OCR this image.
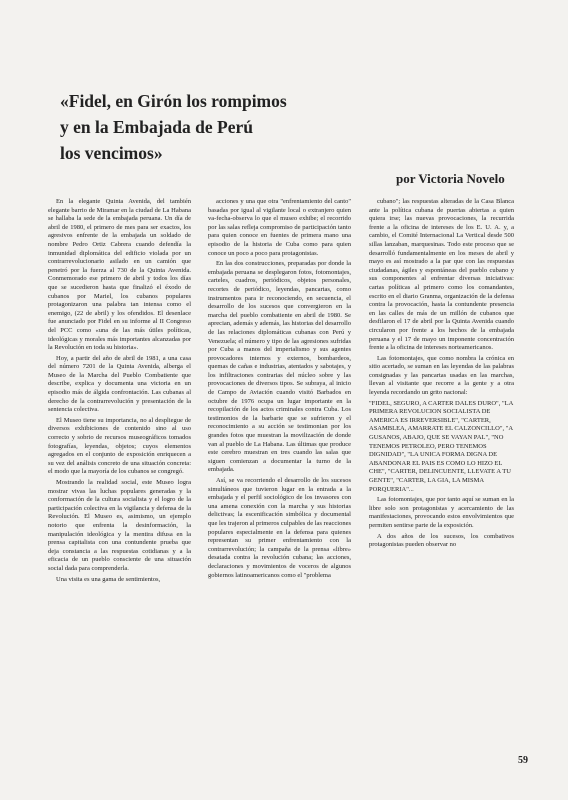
«Fidel, en Girón los rompimos
y en la Embajada de Perú
los vencimos»
por Victoria Novelo

En la elegante Quinta Avenida, del también elegante barrio de Miramar en la ciudad de La Habana se hallaba la sede de la embajada peruana. Un día de abril de 1980, el primero de mes para ser exactos, los agresivos enfrente de la embajada un soldado de nombre Pedro Ortiz Cabrera cuando defendía la inmunidad diplomática del edificio violada por un contrarrevolucionario asilado en un camión que penetró por la fuerza al 730 de la Quinta Avenida. Conmemorado ese primero de abril y todos los días que se sucedieron hasta que finalizó el éxodo de cubanos por Mariel, los cubanos populares protagonizaron una palabra tan intensa como el enemigo, (22 de abril) y los ofendidos. El desenlace fue anunciado por Fidel en su informe al II Congreso del PCC como «una de las más útiles políticas, ideológicas y morales más importantes alcanzadas por la Revolución en toda su historia».

Hoy, a partir del año de abril de 1981, a una casa del número 7201 de la Quinta Avenida, alberga el Museo de la Marcha del Pueblo Combatiente que describe, explica y documenta una victoria en un episodio más de álgida confrontación. Las cubanas al derecho de la contrarrevolución y presentación de la sentencia colectiva.

El Museo tiene su importancia, no al despliegue de diversos exhibiciones de contenido sino al uso correcto y sobrio de recursos museográficos tomados fotografías, leyendas, objetos; cuyos elementos agregados en el conjunto de exposición enriquecen a su vez del análisis concreto de una situación concreta: el modo que la mayoría de los cubanos se congregó.

Mostrando la realidad social, este Museo logra mostrar vivas las luchas populares generadas y la conformación de la cultura socialista y el logro de la participación colectiva en la vigilancia y defensa de la Revolución. El Museo es, asimismo, un ejemplo notorio que enfrenta la desinformación, la manipulación ideológica y la mentira difusa en la prensa capitalista con una contundente prueba que deja constancia a las respuestas cotidianas y a la eficacia de un pueblo consciente de una situación social dada para comprenderla.

Una visita es una gama de sentimientos,

acciones y una que otra "enfrentamiento del canto" basadas por igual al vigilante local o extranjero quien va-fecha-observa lo que el museo exhibe; el recorrido por las salas refleja compromiso de participación tanto para quien conoce en fuentes de primera mano una episodio de la historia de Cuba como para quien conoce un poco a poco para protagonistas.

En las dos construcciones, preparadas por donde la embajada peruana se desplegaron fotos, fotomontajes, carteles, cuadros, periódicos, objetos personales, recortes de periódico, leyendas, pancartas, como instrumentos para ir reconociendo, en secuencia, el desarrollo de los sucesos que convergieron en la marcha del pueblo combatiente en abril de 1980. Se aprecian, además y además, las historias del desarrollo de las relaciones diplomáticas cubanas con Perú y Venezuela; el número y tipo de las agresiones sufridas por Cuba a manos del imperialismo y sus agentes provocadores internos y externos, bombardeos, quemas de cañas e industrias, atentados y sabotajes, y los infiltraciones contrarias del núcleo sobre y las provocaciones de diversos tipos. Se subraya, al inicio de Campo de Aviación cuando visitó Barbados en octubre de 1976 ocupa un lugar importante en la recopilación de los actos criminales contra Cuba. Los testimonios de la barbarie que se sufrieron y el reconocimiento a su acción se testimonian por los grandes fotos que muestran la movilización de donde van al pueblo de La Habana. Las últimas que produce este cerebro muestran en tres cuando las salas que siguen comienzan a documentar la turno de la embajada.

Así, se va recorriendo el desarrollo de los sucesos simultáneos que tuvieron lugar en la entrada a la embajada y el perfil sociológico de los invasores con una amena conexión con la marcha y sus historias delictivas; la escenificación simbólica y documental que les trajeron al primeros culpables de las reacciones populares especialmente en la defensa para quienes representan su primer enfrentamiento con la contrarrevolución; la campaña de la prensa «libre» desatada contra la revolución cubana; las acciones, declaraciones y movimientos de voceros de algunos gobiernos latinoamericanos como el "problema

cubano"; las respuestas alteradas de la Casa Blanca ante la política cubana de puertas abiertas a quien quiera irse; las nuevas provocaciones, la recurrida frente a la oficina de intereses de los E. U. A. y, a cambio, el Comité Internacional La Vertical desde 500 sillas lanzaban, marquesinas. Todo este proceso que se desarrolló fundamentalmente en los meses de abril y mayo es así mostrado a la par que con las respuestas ciudadanas, ágiles y espontáneas del pueblo cubano y sus componentes al enfrentar diversas iniciativas: cartas políticas al primero como los comandantes, escrito en el diario Granma, organización de la defensa contra la provocación, hasta la contundente presencia en las calles de más de un millón de cubanos que desfilaron el 17 de abril por la Quinta Avenida cuando circularon por frente a los hechos de la embajada peruana y el 17 de mayo un imponente concentración frente a la oficina de intereses norteamericanos.

Las fotomontajes, que como nombra la crónica en sitio acertado, se suman en las leyendas de las palabras consignadas y las pancartas usadas en las marchas, llevan al visitante que recorre a la gente y a otra leyenda recordando un grito nacional:

"FIDEL, SEGURO, A CARTER DALES DURO", "LA PRIMERA REVOLUCION SOCIALISTA DE AMERICA ES IRREVERSIBLE", "CARTER, ASAMBLEA, AMARRATE EL CALZONCILLO", "A GUSANOS, ABAJO, QUE SE VAYAN PAL", "NO TENEMOS PETROLEO, PERO TENEMOS DIGNIDAD", "LA UNICA FORMA DIGNA DE ABANDONAR EL PAIS ES COMO LO HIZO EL CHE", "CARTER, DELINCUENTE, LLEVATE A TU GENTE", "CARTER, LA GIA, LA MISMA PORQUERIA"...

Las fotomontajes, que por tanto aquí se suman en la libre solo son protagonistas y acercamiento de las manifestaciones, provocando estos envolvimientos que permiten sentirse parte de la exposición.

A dos años de los sucesos, los combativos protagonistas pueden observar no

59
